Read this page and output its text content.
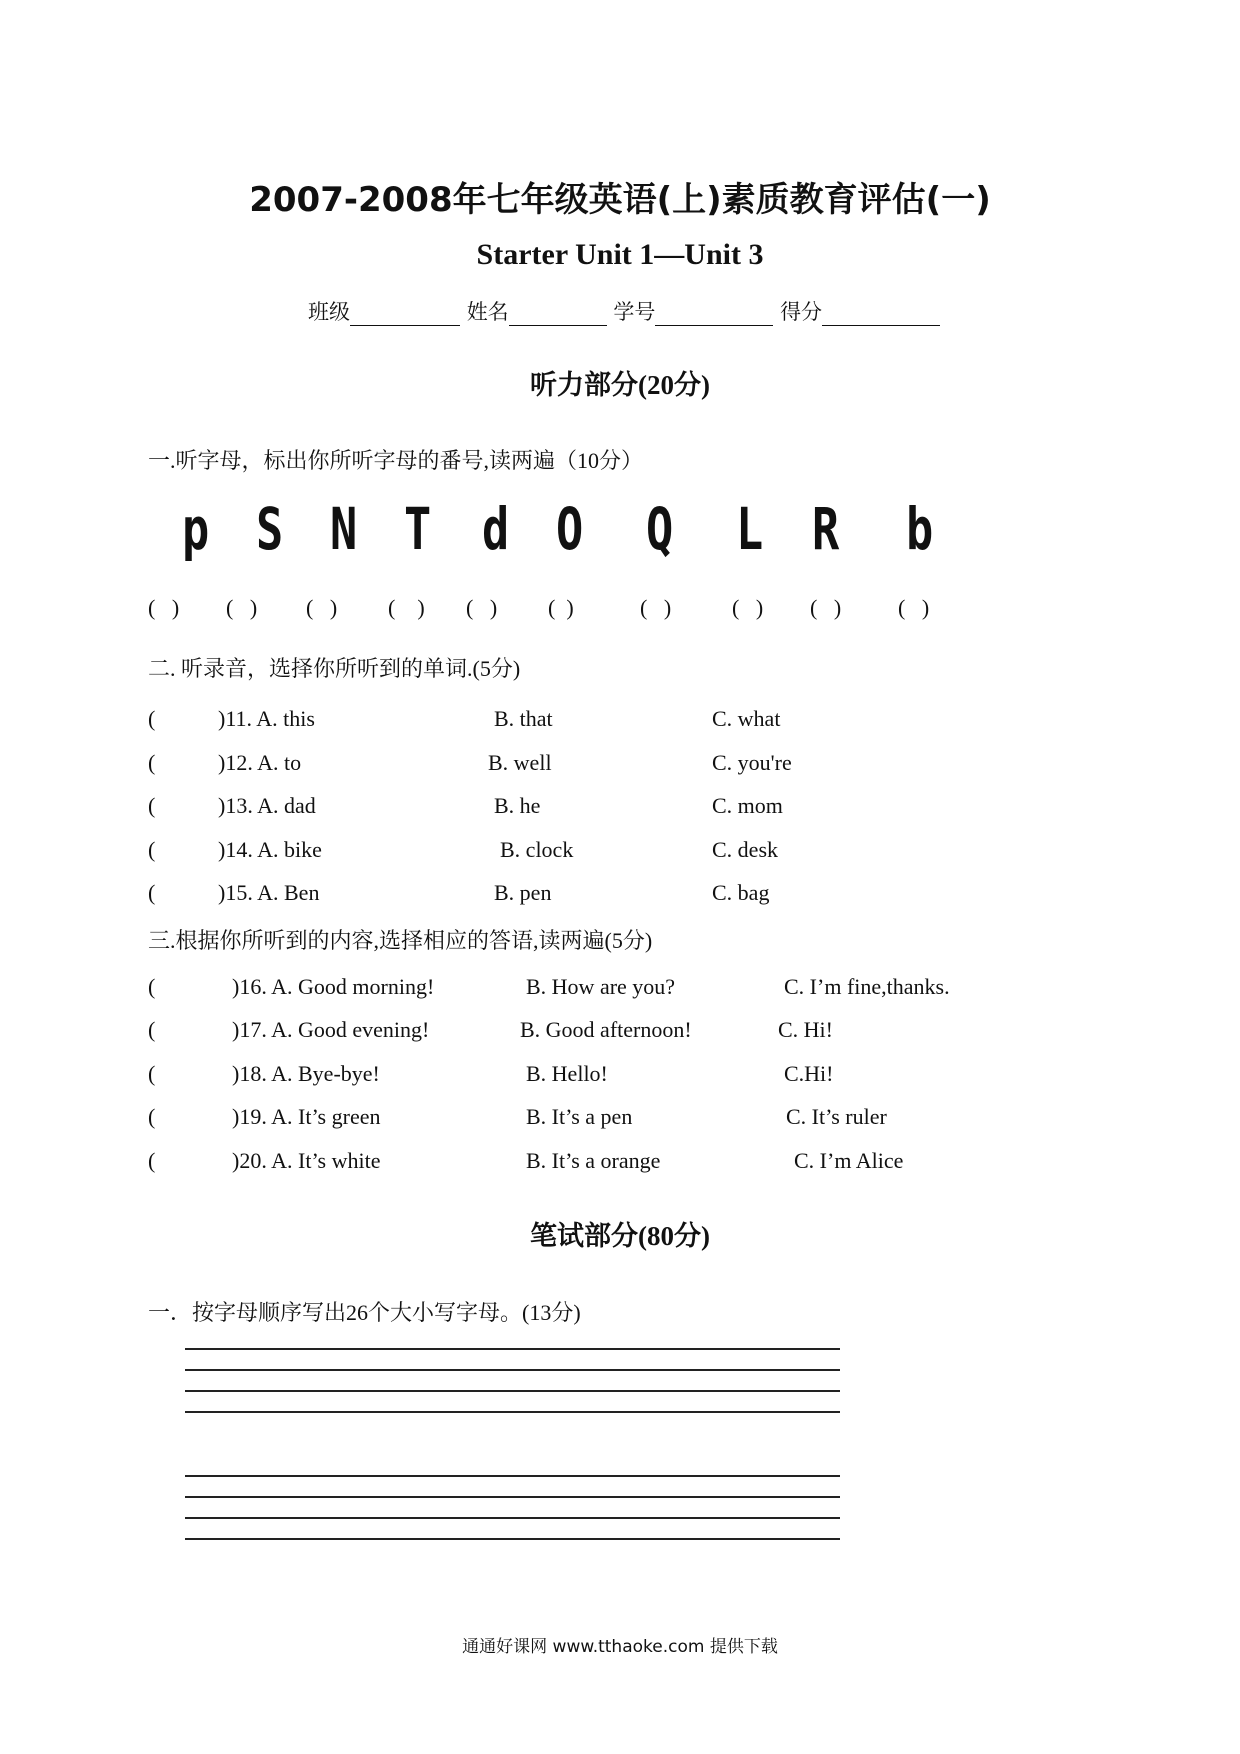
2007-2008年七年级英语(上)素质教育评估(一)
Starter Unit 1—Unit 3
班级	姓名	学号	得分
听力部分(20分)
一.听字母，标出你所听字母的番号,读两遍（10分）
p S N T d O Q L R b
(   ) (   ) (   ) (    ) (   ) (  )	(   )	(   ) (   )	(   )
二. 听录音，选择你所听到的单词.(5分)
(	)11. A. this	B. that	C. what
(	)12. A. to	B. well	C. you're
(	)13. A. dad	B. he	C. mom
(	)14. A. bike	B. clock	C. desk
(	)15. A. Ben	B. pen	C. bag
三.根据你所听到的内容,选择相应的答语,读两遍(5分)
(	)16. A. Good morning!	B. How are you?	C. I’m fine,thanks.
(	)17. A. Good evening!	B. Good afternoon!	C. Hi!
(	)18. A. Bye-bye!	B. Hello!	C.Hi!
(	)19. A. It’s green	B. It’s a pen	C. It’s ruler
(	)20. A. It’s white	B. It’s a orange	C. I’m Alice
笔试部分(80分)
一．按字母顺序写出26个大小写字母。(13分)
通通好课网 www.tthaoke.com 提供下载
